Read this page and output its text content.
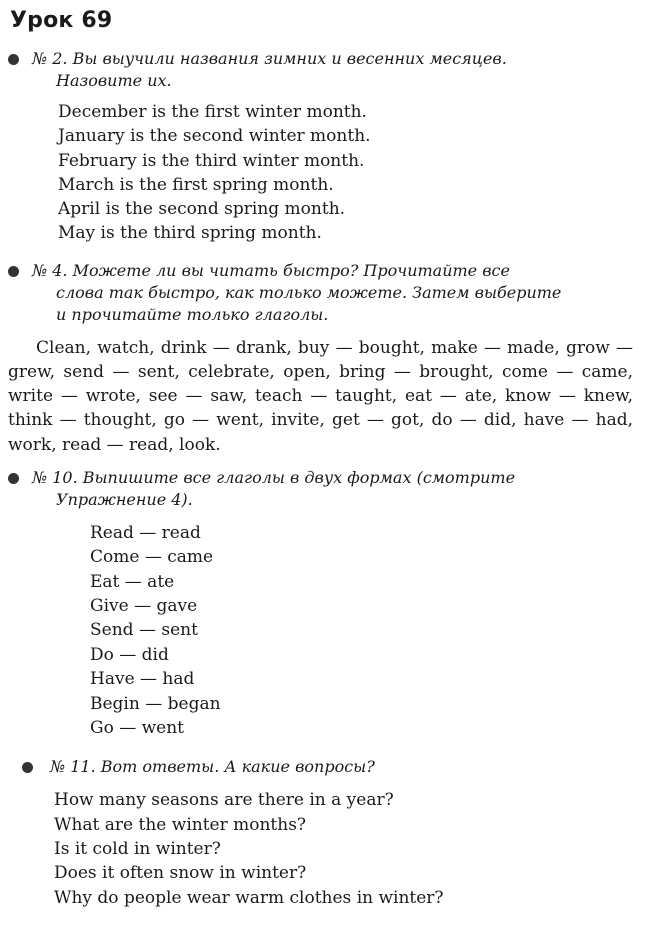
Урок 69

№ 2. Вы выучили названия зимних и весенних месяцев.
Назовите их.

December is the first winter month.
January is the second winter month.
February is the third winter month.
March is the first spring month.
April is the second spring month.
May is the third spring month.

№ 4. Можете ли вы читать быстро? Прочитайте все
слова так быстро, как только можете. Затем выберите
и прочитайте только глаголы.

Clean, watch, drink — drank, buy — bought, make — made, grow — grew, send — sent, celebrate, open, bring — brought, come — came, write — wrote, see — saw, teach — taught, eat — ate, know — knew, think — thought, go — went, invite, get — got, do — did, have — had, work, read — read, look.

№ 10. Выпишите все глаголы в двух формах (смотрите
Упражнение 4).

Read — read
Come — came
Eat — ate
Give — gave
Send — sent
Do — did
Have — had
Begin — began
Go — went

№ 11. Вот ответы. А какие вопросы?

How many seasons are there in a year?
What are the winter months?
Is it cold in winter?
Does it often snow in winter?
Why do people wear warm clothes in winter?
